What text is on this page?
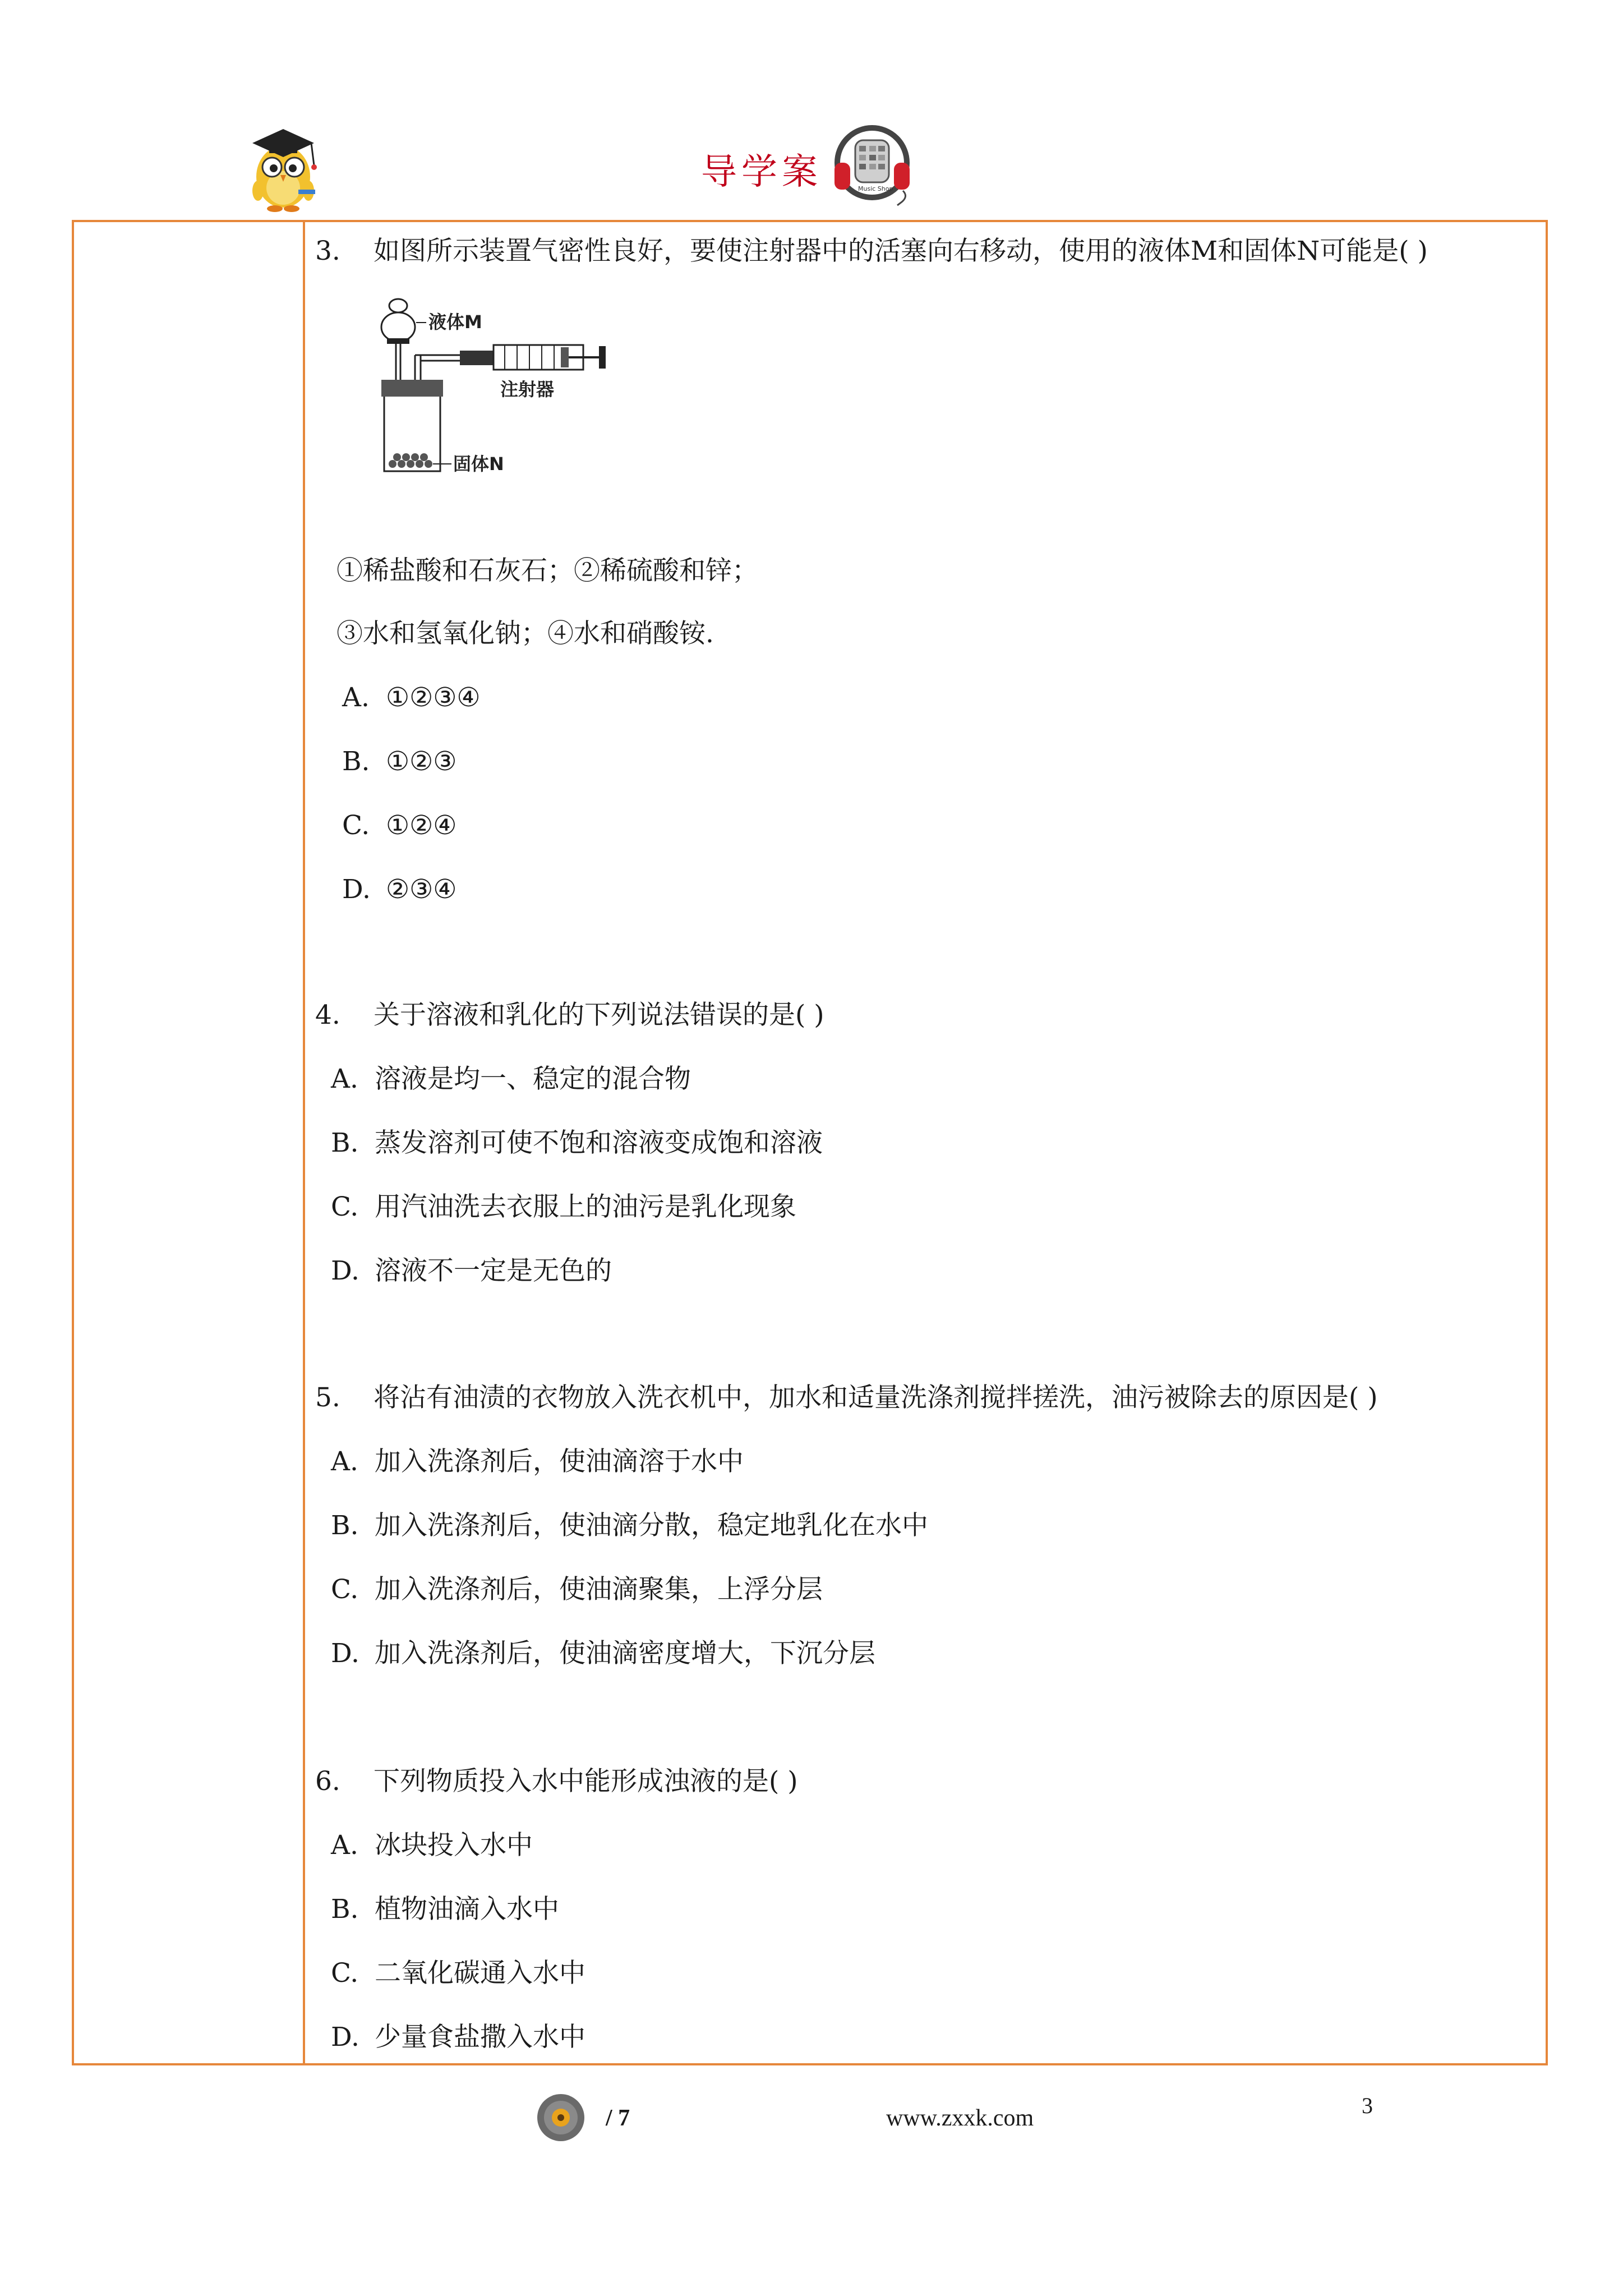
导学案	Music Shop
3. 如图所示装置气密性良好，要使注射器中的活塞向右移动，使用的液体M和固体N可能是( )
液体M
注射器
固体N
①稀盐酸和石灰石；②稀硫酸和锌；
③水和氢氧化钠；④水和硝酸铵.
A. ①②③④
B. ①②③
C. ①②④
D. ②③④
4. 关于溶液和乳化的下列说法错误的是( )
A. 溶液是均一、稳定的混合物
B. 蒸发溶剂可使不饱和溶液变成饱和溶液
C. 用汽油洗去衣服上的油污是乳化现象
D. 溶液不一定是无色的
5. 将沾有油渍的衣物放入洗衣机中，加水和适量洗涤剂搅拌搓洗，油污被除去的原因是( )
A. 加入洗涤剂后，使油滴溶于水中
B. 加入洗涤剂后，使油滴分散，稳定地乳化在水中
C. 加入洗涤剂后，使油滴聚集，上浮分层
D. 加入洗涤剂后，使油滴密度增大，下沉分层
6. 下列物质投入水中能形成浊液的是( )
A. 冰块投入水中
B. 植物油滴入水中
C. 二氧化碳通入水中
D. 少量食盐撒入水中
/ 7	www.zxxk.com	3
